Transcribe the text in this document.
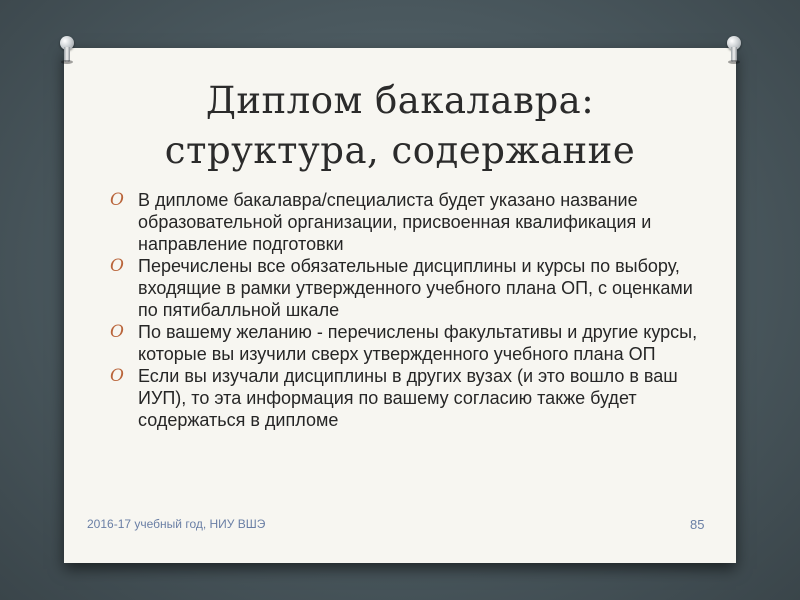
Диплом бакалавра:
структура, содержание
O В дипломе бакалавра/специалиста будет указано название образовательной организации, присвоенная квалификация и направление подготовки
O Перечислены все обязательные дисциплины и курсы по выбору, входящие в рамки утвержденного учебного плана ОП, с оценками по пятибалльной шкале
O По вашему желанию - перечислены факультативы и другие курсы, которые вы изучили сверх утвержденного учебного плана ОП
O Если вы изучали дисциплины в других вузах (и это вошло в ваш ИУП), то эта информация по вашему согласию также будет содержаться в дипломе
2016-17 учебный год, НИУ ВШЭ	85
